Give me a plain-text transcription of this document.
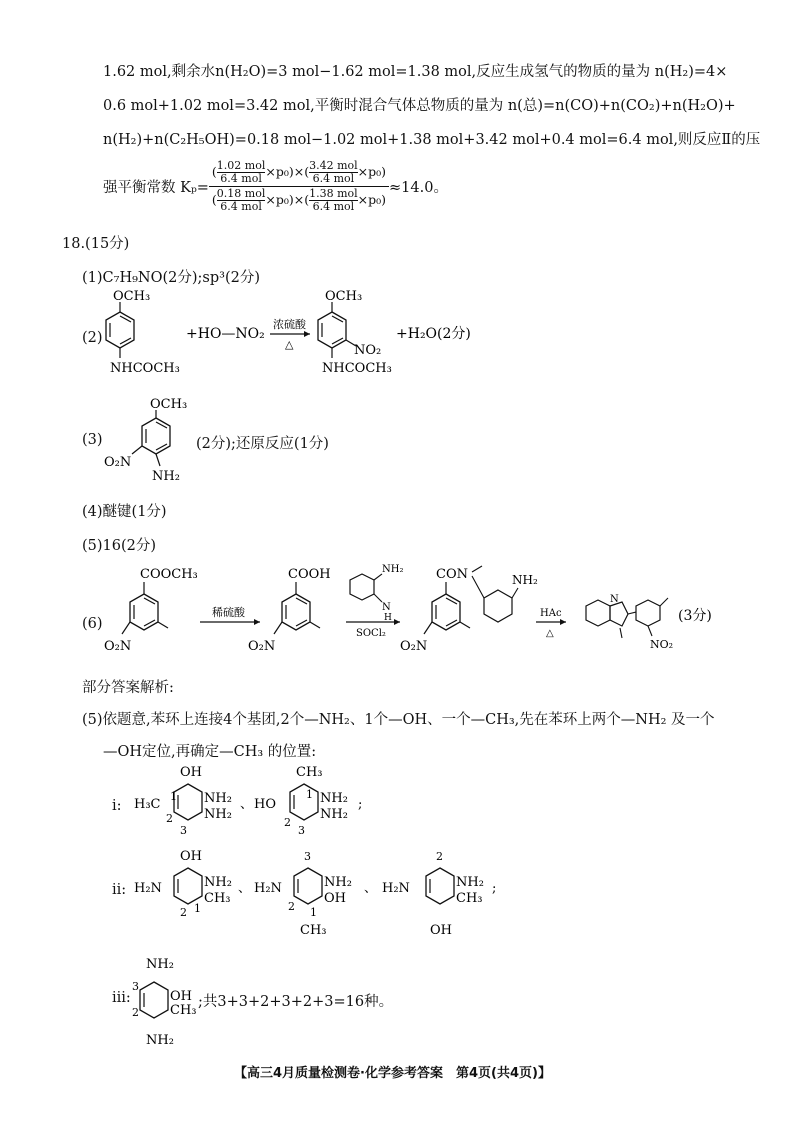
1.62 mol,剩余水n(H₂O)=3 mol−1.62 mol=1.38 mol,反应生成氢气的物质的量为 n(H₂)=4×
0.6 mol+1.02 mol=3.42 mol,平衡时混合气体总物质的量为 n(总)=n(CO)+n(CO₂)+n(H₂O)+
n(H₂)+n(C₂H₅OH)=0.18 mol−1.02 mol+1.38 mol+3.42 mol+0.4 mol=6.4 mol,则反应Ⅱ的压
强平衡常数 $K_p= \frac{( \frac{\text{1.02 mol}}{\text{6.4 mol}} \times p_0)\times( \frac{\text{3.42 mol}}{\text{6.4 mol}} \times p_0)}{( \frac{\text{0.18 mol}}{\text{6.4 mol}} \times p_0)\times( \frac{\text{1.38 mol}}{\text{6.4 mol}} \times p_0)} \approx 14.0$。
18.(15分)
(1)C₇H₉NO(2分);sp³(2分)
(2)
OCH₃
NHCOCH₃
+HO—NO₂
浓硫酸
△
OCH₃
NO₂
NHCOCH₃
+H₂O(2分)
(3)
OCH₃
O₂N
NH₂
(2分);还原反应(1分)
(4)醚键(1分)
(5)16(2分)
(6)
COOCH₃
O₂N
稀硫酸
COOH
O₂N
NH₂
N
H
SOCl₂
CON	NH₂
O₂N
HAc
△
N
NO₂
(3分)
部分答案解析:
(5)依题意,苯环上连接4个基团,2个—NH₂、1个—OH、一个—CH₃,先在苯环上两个—NH₂ 及一个
—OH定位,再确定—CH₃ 的位置:
ⅰ:
OH
H₃C	NH₂
NH₂
1
2
3
、
CH₃
HO	NH₂
NH₂
1
2
3
;
ⅱ:
OH
H₂N	NH₂
CH₃
1
2
、
3
H₂N	NH₂
OH
2 1
CH₃
、
2
H₂N	NH₂
CH₃
OH
;
ⅲ:
NH₂
3
2
OH
CH₃
NH₂
;共3+3+2+3+2+3=16种。
【高三4月质量检测卷·化学参考答案　第4页(共4页)】
